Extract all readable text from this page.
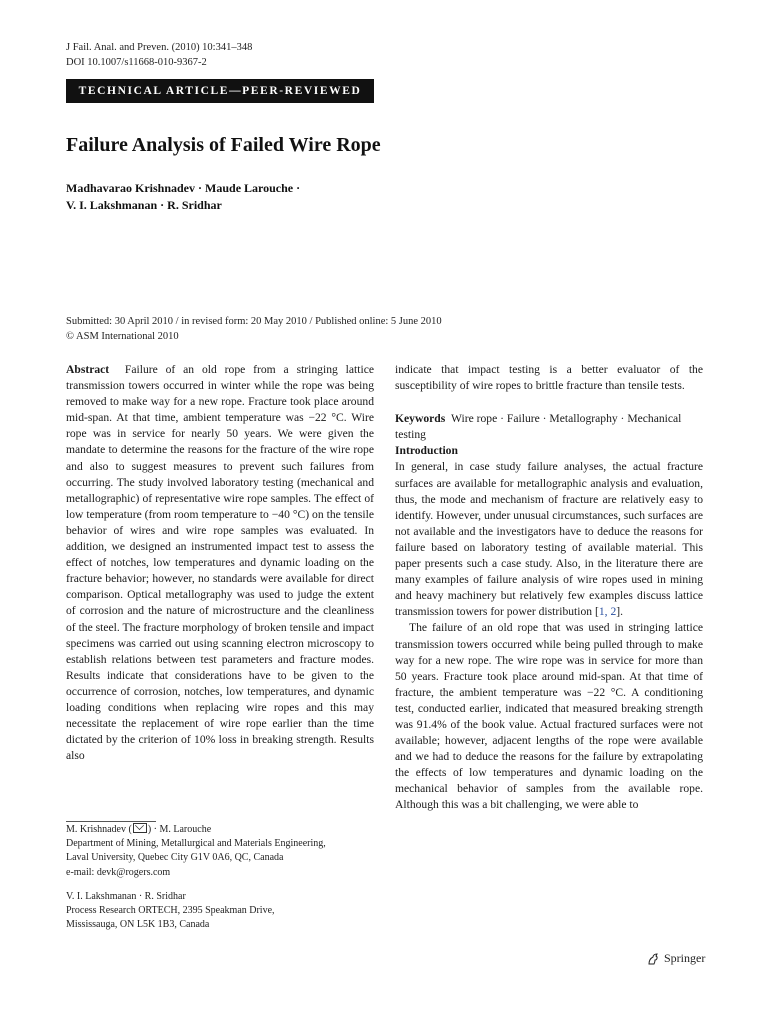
J Fail. Anal. and Preven. (2010) 10:341–348
DOI 10.1007/s11668-010-9367-2
TECHNICAL ARTICLE—PEER-REVIEWED
Failure Analysis of Failed Wire Rope
Madhavarao Krishnadev · Maude Larouche ·
V. I. Lakshmanan · R. Sridhar
Submitted: 30 April 2010 / in revised form: 20 May 2010 / Published online: 5 June 2010
© ASM International 2010

Abstract Failure of an old rope from a stringing lattice transmission towers occurred in winter while the rope was being removed to make way for a new rope. Fracture took place around mid-span. At that time, ambient temperature was −22 °C. Wire rope was in service for nearly 50 years. We were given the mandate to determine the reasons for the fracture of the wire rope and also to suggest measures to prevent such failures from occurring. The study involved laboratory testing (mechanical and metallographic) of representative wire rope samples. The effect of low temperature (from room temperature to −40 °C) on the tensile behavior of wires and wire rope samples was evaluated. In addition, we designed an instrumented impact test to assess the effect of notches, low temperatures and dynamic loading on the fracture behavior; however, no standards were available for direct comparison. Optical metallography was used to judge the extent of corrosion and the nature of microstructure and the cleanliness of the steel. The fracture morphology of broken tensile and impact specimens was carried out using scanning electron microscopy to establish relations between test parameters and fracture modes. Results indicate that considerations have to be given to the occurrence of corrosion, notches, low temperatures, and dynamic loading conditions when replacing wire ropes and this may necessitate the replacement of wire rope earlier than the time dictated by the criterion of 10% loss in breaking strength. Results also

indicate that impact testing is a better evaluator of the susceptibility of wire ropes to brittle fracture than tensile tests.

Keywords Wire rope · Failure · Metallography · Mechanical testing

Introduction

In general, in case study failure analyses, the actual fracture surfaces are available for metallographic analysis and evaluation, thus, the mode and mechanism of fracture are relatively easy to identify. However, under unusual circumstances, such surfaces are not available and the investigators have to deduce the reasons for failure based on laboratory testing of available material. This paper presents such a case study. Also, in the literature there are many examples of failure analysis of wire ropes used in mining and heavy machinery but relatively few examples discuss lattice transmission towers for power distribution [1, 2].

The failure of an old rope that was used in stringing lattice transmission towers occurred while being pulled through to make way for a new rope. The wire rope was in service for more than 50 years. Fracture took place around mid-span. At that time of fracture, the ambient temperature was −22 °C. A conditioning test, conducted earlier, indicated that measured breaking strength was 91.4% of the book value. Actual fractured surfaces were not available; however, adjacent lengths of the rope were available and we had to deduce the reasons for the failure by extrapolating the effects of low temperatures and dynamic loading on the mechanical behavior of samples from the available rope. Although this was a bit challenging, we were able to

M. Krishnadev ( ) · M. Larouche
Department of Mining, Metallurgical and Materials Engineering,
Laval University, Quebec City G1V 0A6, QC, Canada
e-mail: devk@rogers.com

V. I. Lakshmanan · R. Sridhar
Process Research ORTECH, 2395 Speakman Drive,
Mississauga, ON L5K 1B3, Canada

Springer
